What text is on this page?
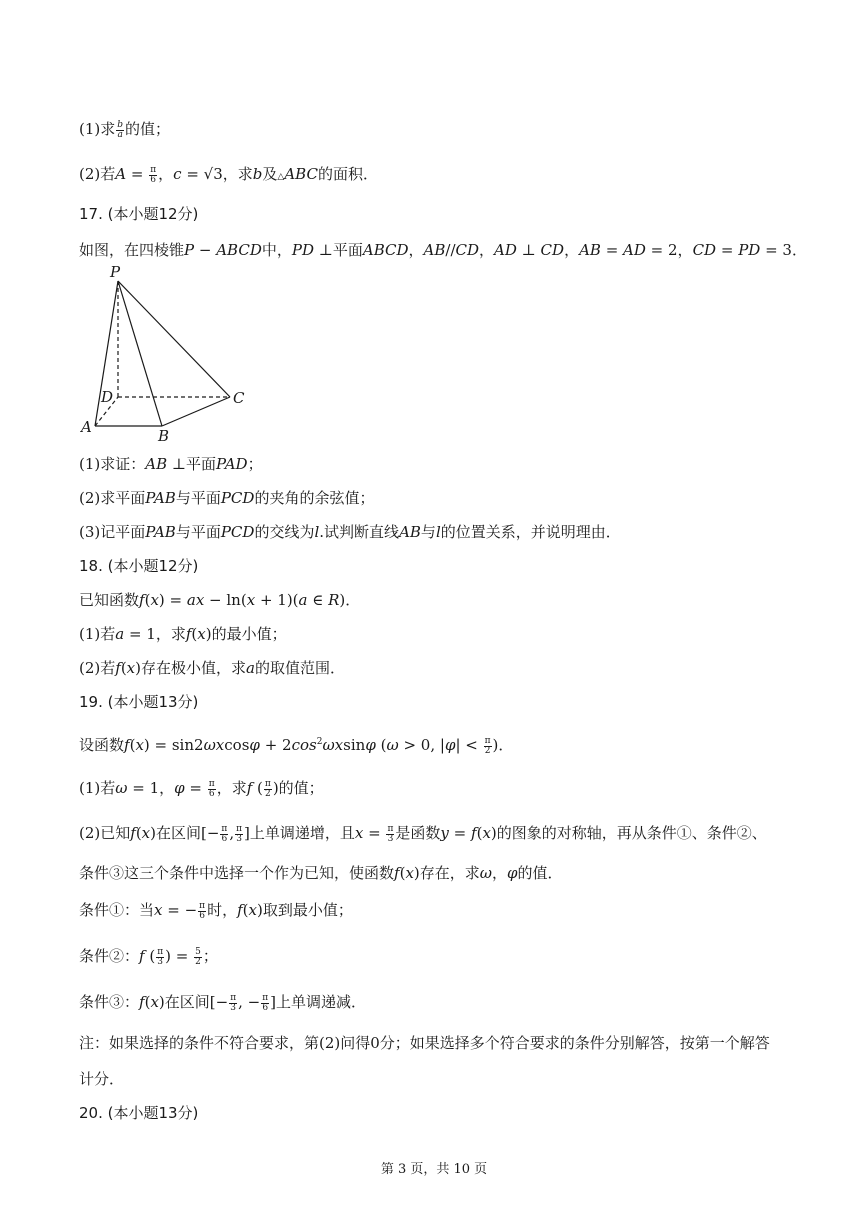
(1)求 $\frac{b}{a}$ 的值；
(2)若$A = \frac{\pi}{6}$ ，c = √3，求b及△ABC的面积．
17. (本小题12分)
如图，在四棱锥P − ABCD中，PD ⊥平面ABCD，AB//CD，AD ⊥ CD，AB = AD = 2，CD = PD = 3．
P
D	C
A	B
(1)求证：AB ⊥平面PAD；
(2)求平面PAB与平面PCD的夹角的余弦值；
(3)记平面PAB与平面PCD的交线为l.试判断直线AB与l的位置关系，并说明理由．
18. (本小题12分)
已知函数f(x) = ax − ln(x + 1)(a ∈ R)．
(1)若a = 1，求f(x)的最小值；
(2)若f(x)存在极小值，求a的取值范围．
19. (本小题13分)
设函数$f(x) = \sin 2\omega xcos\varphi + 2\cos^2\omega xsin\varphi$ (ω > 0, $|\varphi| < \frac{\pi}{2}$ )．
(1)若ω = 1，$\varphi = \frac{\pi}{6}$ ，求f ( $\frac{\pi}{2}$ )的值；
(2)已知f(x)在区间[− $\frac{\pi}{6}$ , $\frac{\pi}{3}$ ]上单调递增，且$x = \frac{\pi}{3}$ 是函数y = f(x)的图象的对称轴，再从条件①、条件②、
条件③这三个条件中选择一个作为已知，使函数f(x)存在，求ω，φ的值．
条件①：当x = − $\frac{\pi}{6}$ 时，f(x)取到最小值；
条件②：f ( $\frac{\pi}{3}$ ) = $\frac{5}{2}$ ；
条件③：f(x)在区间[− $\frac{\pi}{3}$ , − $\frac{\pi}{6}$ ]上单调递减．
注：如果选择的条件不符合要求，第(2)问得0分；如果选择多个符合要求的条件分别解答，按第一个解答
计分．
20. (本小题13分)
第 3 页，共 10 页
